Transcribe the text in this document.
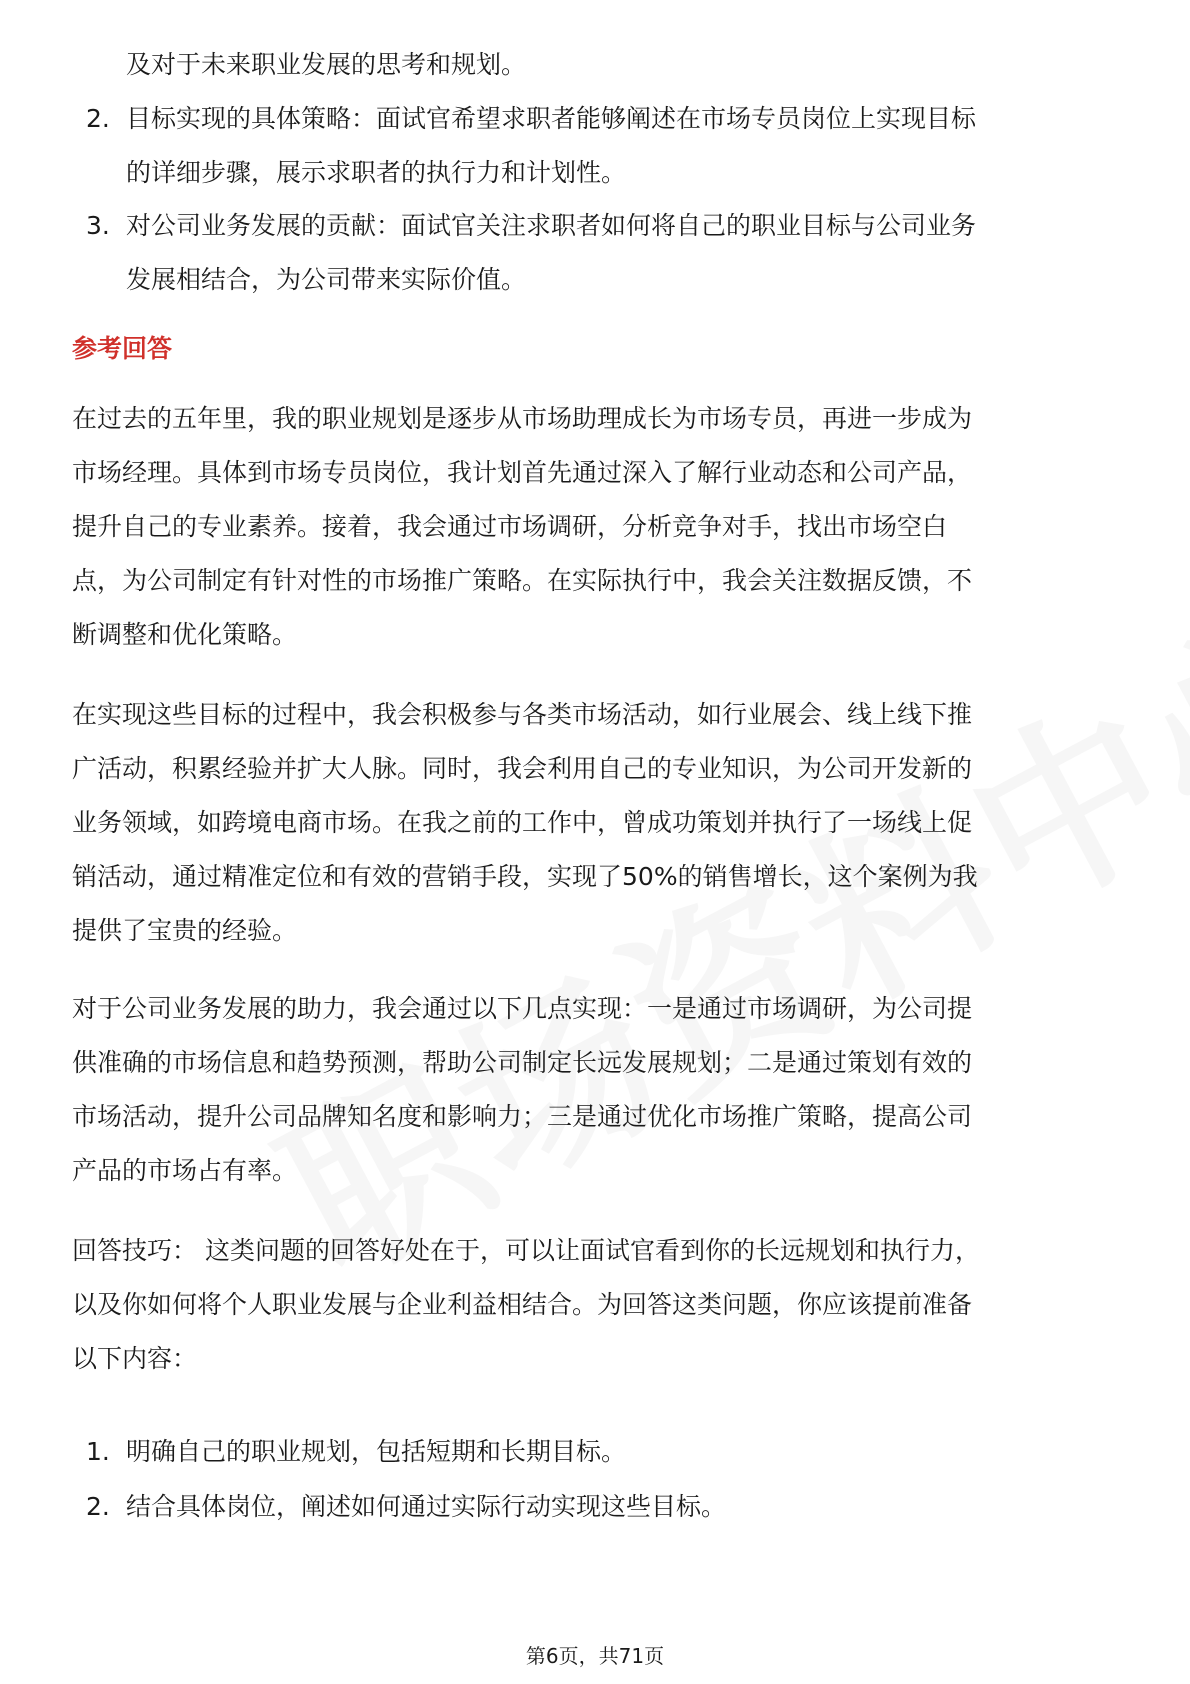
及对于未来职业发展的思考和规划。
2. 目标实现的具体策略：面试官希望求职者能够阐述在市场专员岗位上实现目标
的详细步骤，展示求职者的执行力和计划性。
3. 对公司业务发展的贡献：面试官关注求职者如何将自己的职业目标与公司业务
发展相结合，为公司带来实际价值。
参考回答
在过去的五年里，我的职业规划是逐步从市场助理成长为市场专员，再进一步成为
市场经理。具体到市场专员岗位，我计划首先通过深入了解行业动态和公司产品，
提升自己的专业素养。接着，我会通过市场调研，分析竞争对手，找出市场空白
点，为公司制定有针对性的市场推广策略。在实际执行中，我会关注数据反馈，不
断调整和优化策略。
在实现这些目标的过程中，我会积极参与各类市场活动，如行业展会、线上线下推
广活动，积累经验并扩大人脉。同时，我会利用自己的专业知识，为公司开发新的
业务领域，如跨境电商市场。在我之前的工作中，曾成功策划并执行了一场线上促
销活动，通过精准定位和有效的营销手段，实现了50%的销售增长，这个案例为我
提供了宝贵的经验。
对于公司业务发展的助力，我会通过以下几点实现：一是通过市场调研，为公司提
供准确的市场信息和趋势预测，帮助公司制定长远发展规划；二是通过策划有效的
市场活动，提升公司品牌知名度和影响力；三是通过优化市场推广策略，提高公司
产品的市场占有率。
回答技巧： 这类问题的回答好处在于，可以让面试官看到你的长远规划和执行力，
以及你如何将个人职业发展与企业利益相结合。为回答这类问题，你应该提前准备
以下内容：
1. 明确自己的职业规划，包括短期和长期目标。
2. 结合具体岗位，阐述如何通过实际行动实现这些目标。
第6页，共71页
